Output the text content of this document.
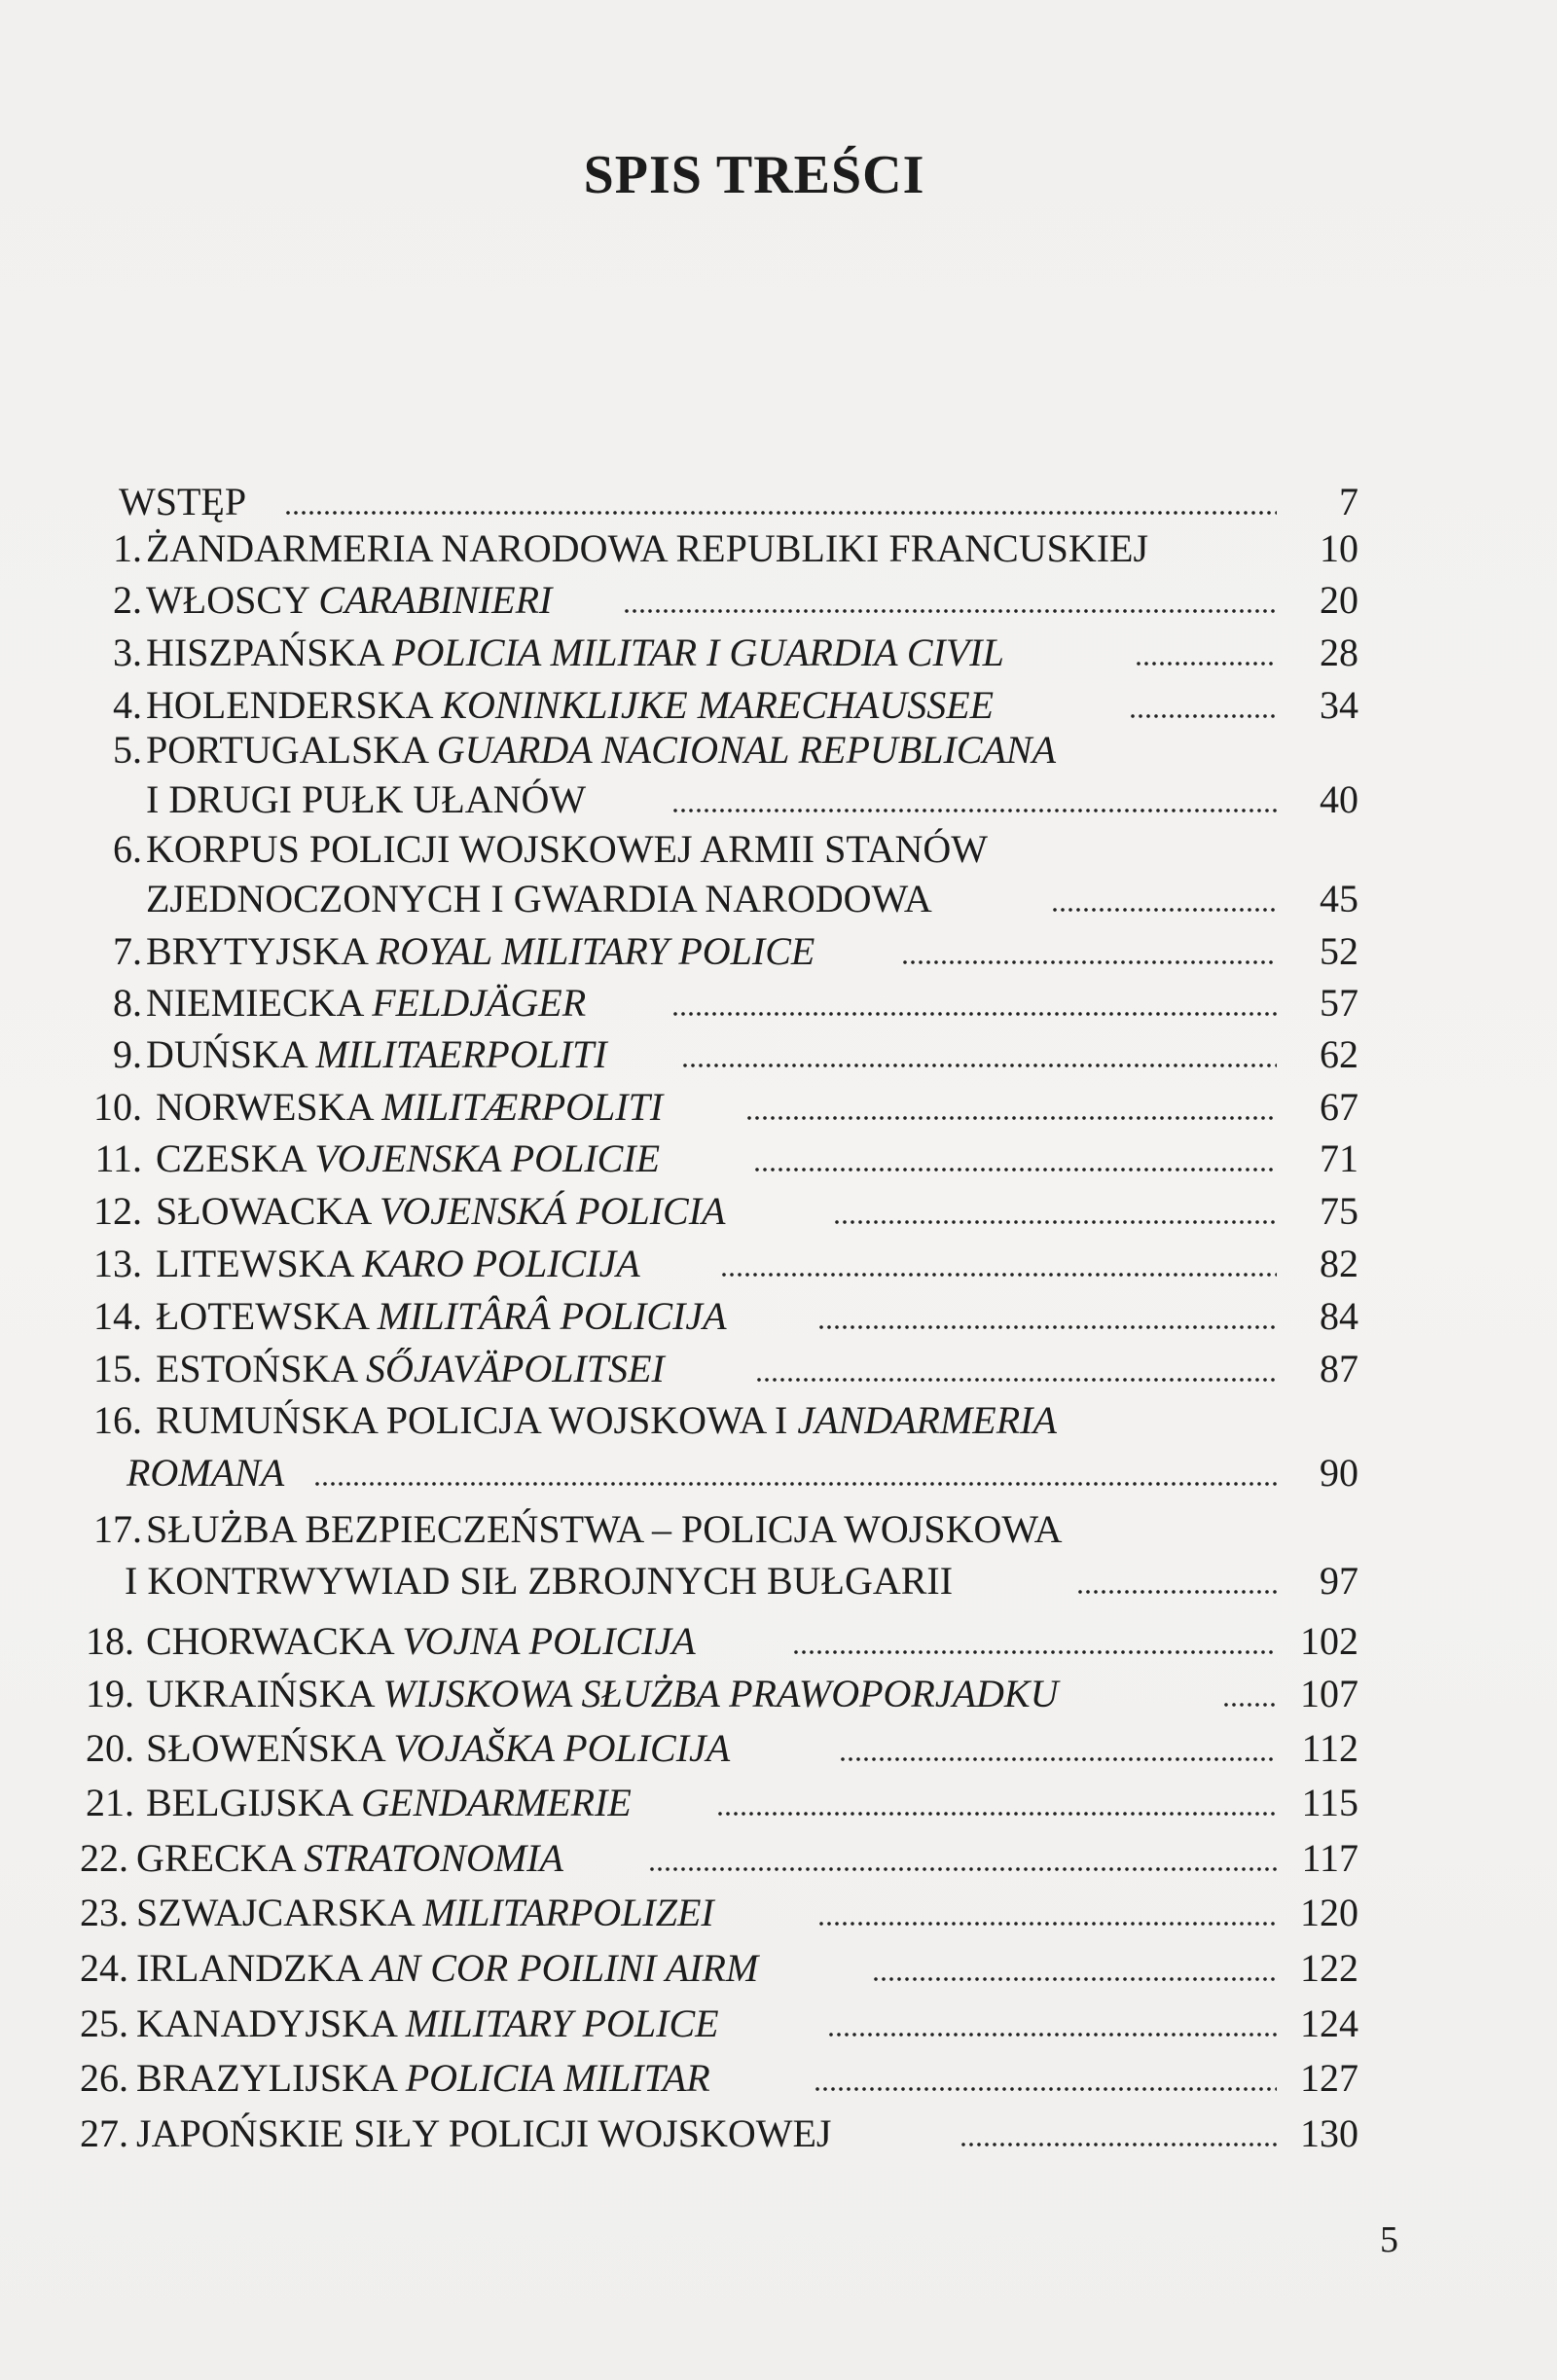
SPIS TREŚCI
WSTĘP	7
1. ŻANDARMERIA NARODOWA REPUBLIKI FRANCUSKIEJ	10
2. WŁOSCY CARABINIERI	20
3. HISZPAŃSKA POLICIA MILITAR I GUARDIA CIVIL	28
4. HOLENDERSKA KONINKLIJKE MARECHAUSSEE	34
5. PORTUGALSKA GUARDA NACIONAL REPUBLICANA
I DRUGI PUŁK UŁANÓW	40
6. KORPUS POLICJI WOJSKOWEJ ARMII STANÓW
ZJEDNOCZONYCH I GWARDIA NARODOWA	45
7. BRYTYJSKA ROYAL MILITARY POLICE	52
8. NIEMIECKA FELDJÄGER	57
9. DUŃSKA MILITAERPOLITI	62
10. NORWESKA MILITÆRPOLITI	67
11. CZESKA VOJENSKA POLICIE	71
12. SŁOWACKA VOJENSKÁ POLICIA	75
13. LITEWSKA KARO POLICIJA	82
14. ŁOTEWSKA MILITÂRÂ POLICIJA	84
15. ESTOŃSKA SŐJAVÄPOLITSEI	87
16. RUMUŃSKA POLICJA WOJSKOWA I JANDARMERIA
ROMANA	90
17. SŁUŻBA BEZPIECZEŃSTWA – POLICJA WOJSKOWA
I KONTRWYWIAD SIŁ ZBROJNYCH BUŁGARII	97
18. CHORWACKA VOJNA POLICIJA	102
19. UKRAIŃSKA WIJSKOWA SŁUŻBA PRAWOPORJADKU	107
20. SŁOWEŃSKA VOJAŠKA POLICIJA	112
21. BELGIJSKA GENDARMERIE	115
22. GRECKA STRATONOMIA	117
23. SZWAJCARSKA MILITARPOLIZEI	120
24. IRLANDZKA AN COR POILINI AIRM	122
25. KANADYJSKA MILITARY POLICE	124
26. BRAZYLIJSKA POLICIA MILITAR	127
27. JAPOŃSKIE SIŁY POLICJI WOJSKOWEJ	130
5
